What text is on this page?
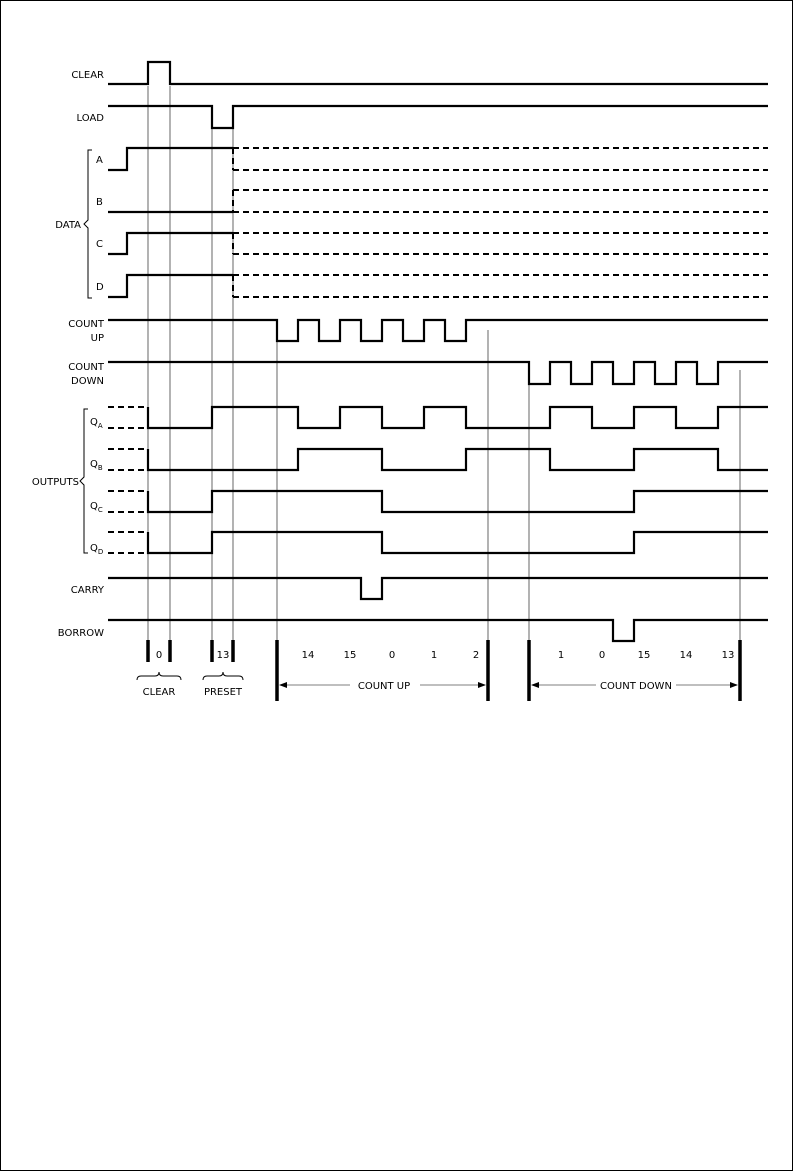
CLEAR
LOAD
A
B
C
D
DATA
COUNT
UP
COUNT
DOWN
$Q_A$
$Q_B$
$Q_C$
$Q_D$
OUTPUTS
CARRY
BORROW
0	13	14	15	0	1	2	1	0	15	14	13
CLEAR	PRESET
COUNT UP	COUNT DOWN
